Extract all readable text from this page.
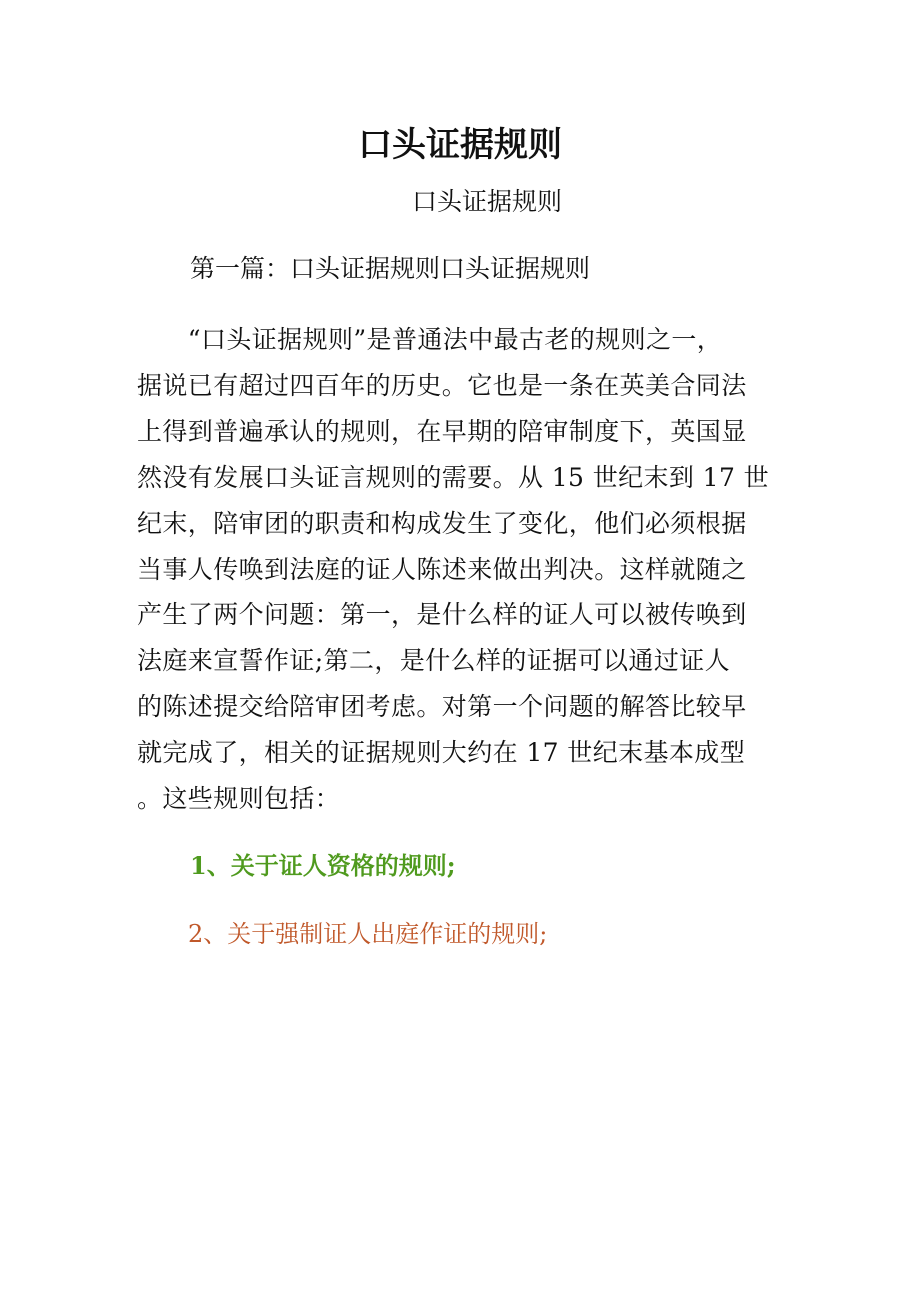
口头证据规则

口头证据规则

第一篇：口头证据规则口头证据规则

　　“口头证据规则”是普通法中最古老的规则之一，
据说已有超过四百年的历史。它也是一条在英美合同法
上得到普遍承认的规则，在早期的陪审制度下，英国显
然没有发展口头证言规则的需要。从 15 世纪末到 17 世
纪末，陪审团的职责和构成发生了变化，他们必须根据
当事人传唤到法庭的证人陈述来做出判决。这样就随之
产生了两个问题：第一，是什么样的证人可以被传唤到
法庭来宣誓作证;第二，是什么样的证据可以通过证人
的陈述提交给陪审团考虑。对第一个问题的解答比较早
就完成了，相关的证据规则大约在 17 世纪末基本成型
。这些规则包括：

1、关于证人资格的规则;

2、关于强制证人出庭作证的规则;
